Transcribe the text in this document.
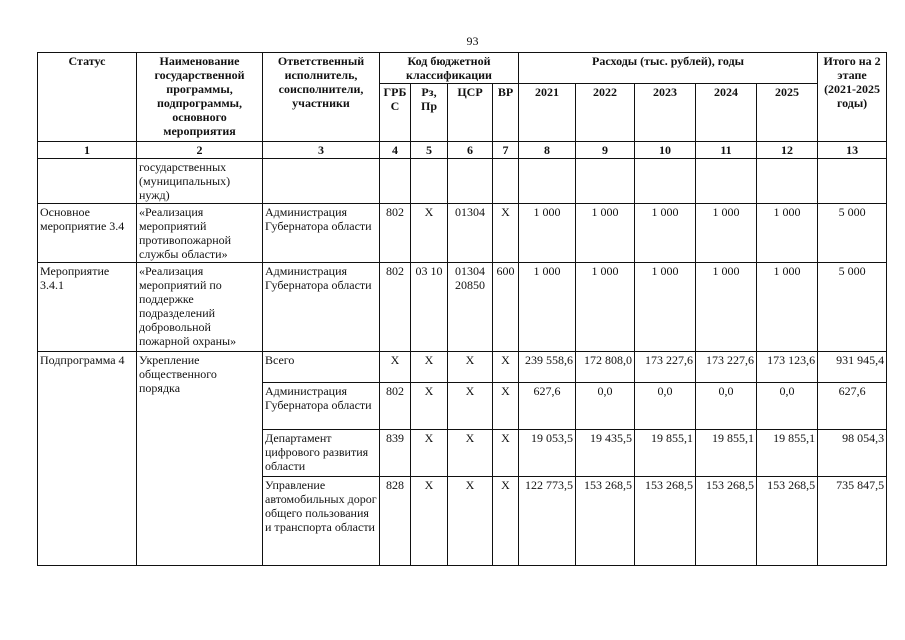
93
Статус	Наименование государственной программы, подпрограммы, основного мероприятия	Ответственный исполнитель, соисполнители, участники	Код бюджетной классификации				Расходы (тыс. рублей), годы					Итого на 2 этапе (2021-2025 годы)
			ГРБ С	Рз, Пр	ЦСР	ВР	2021	2022	2023	2024	2025	
1	2	3	4	5	6	7	8	9	10	11	12	13
	государственных (муниципальных) нужд)											
Основное мероприятие 3.4	«Реализация мероприятий противопожарной службы области»	Администрация Губернатора области	802	Х	01304	Х	1 000	1 000	1 000	1 000	1 000	5 000
Мероприятие 3.4.1	«Реализация мероприятий по поддержке подразделений добровольной пожарной охраны»	Администрация Губернатора области	802	03 10	01304 20850	600	1 000	1 000	1 000	1 000	1 000	5 000
Подпрограмма 4	Укрепление общественного порядка	Всего	Х	Х	Х	Х	239 558,6	172 808,0	173 227,6	173 227,6	173 123,6	931 945,4
		Администрация Губернатора области	802	Х	Х	Х	627,6	0,0	0,0	0,0	0,0	627,6
		Департамент цифрового развития области	839	Х	Х	Х	19 053,5	19 435,5	19 855,1	19 855,1	19 855,1	98 054,3
		Управление автомобильных дорог общего пользования и транспорта области	828	Х	Х	Х	122 773,5	153 268,5	153 268,5	153 268,5	153 268,5	735 847,5
